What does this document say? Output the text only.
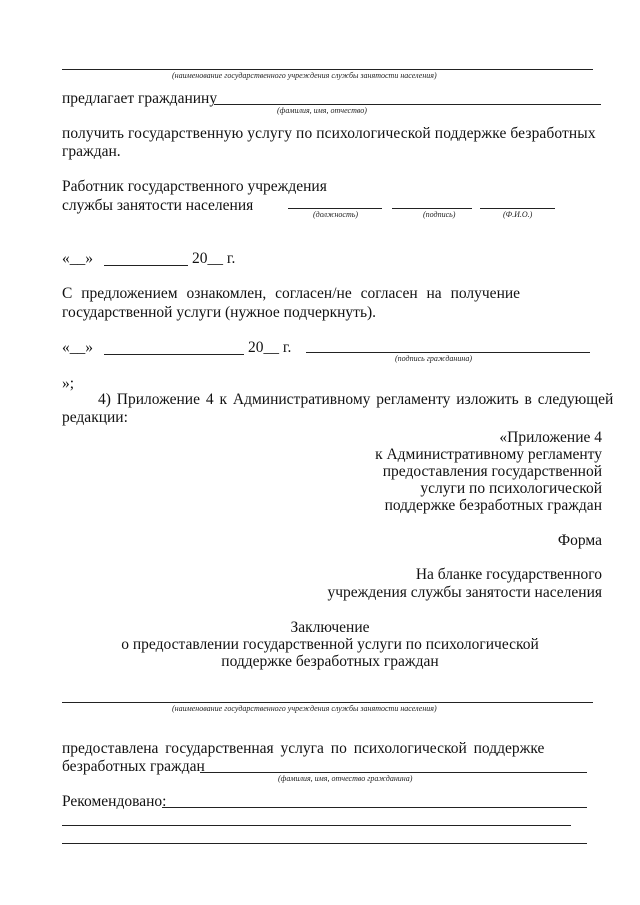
(наименование государственного учреждения службы занятости населения)
предлагает гражданину
(фамилия, имя, отчество)
получить государственную услугу по психологической поддержке безработных
граждан.
Работник государственного учреждения
службы занятости населения
(должность)	(подпись)	(Ф.И.О.)
«__»	20__ г.
С предложением ознакомлен, согласен/не согласен на получение
государственной услуги (нужное подчеркнуть).
«__»	20__ г.
(подпись гражданина)
»;
4) Приложение 4 к Административному регламенту изложить в следующей
редакции:
«Приложение 4
к Административному регламенту
предоставления государственной
услуги по психологической
поддержке безработных граждан
Форма
На бланке государственного
учреждения службы занятости населения
Заключение
о предоставлении государственной услуги по психологической
поддержке безработных граждан
(наименование государственного учреждения службы занятости населения)
предоставлена государственная услуга по психологической поддержке
безработных граждан
(фамилия, имя, отчество гражданина)
Рекомендовано:
